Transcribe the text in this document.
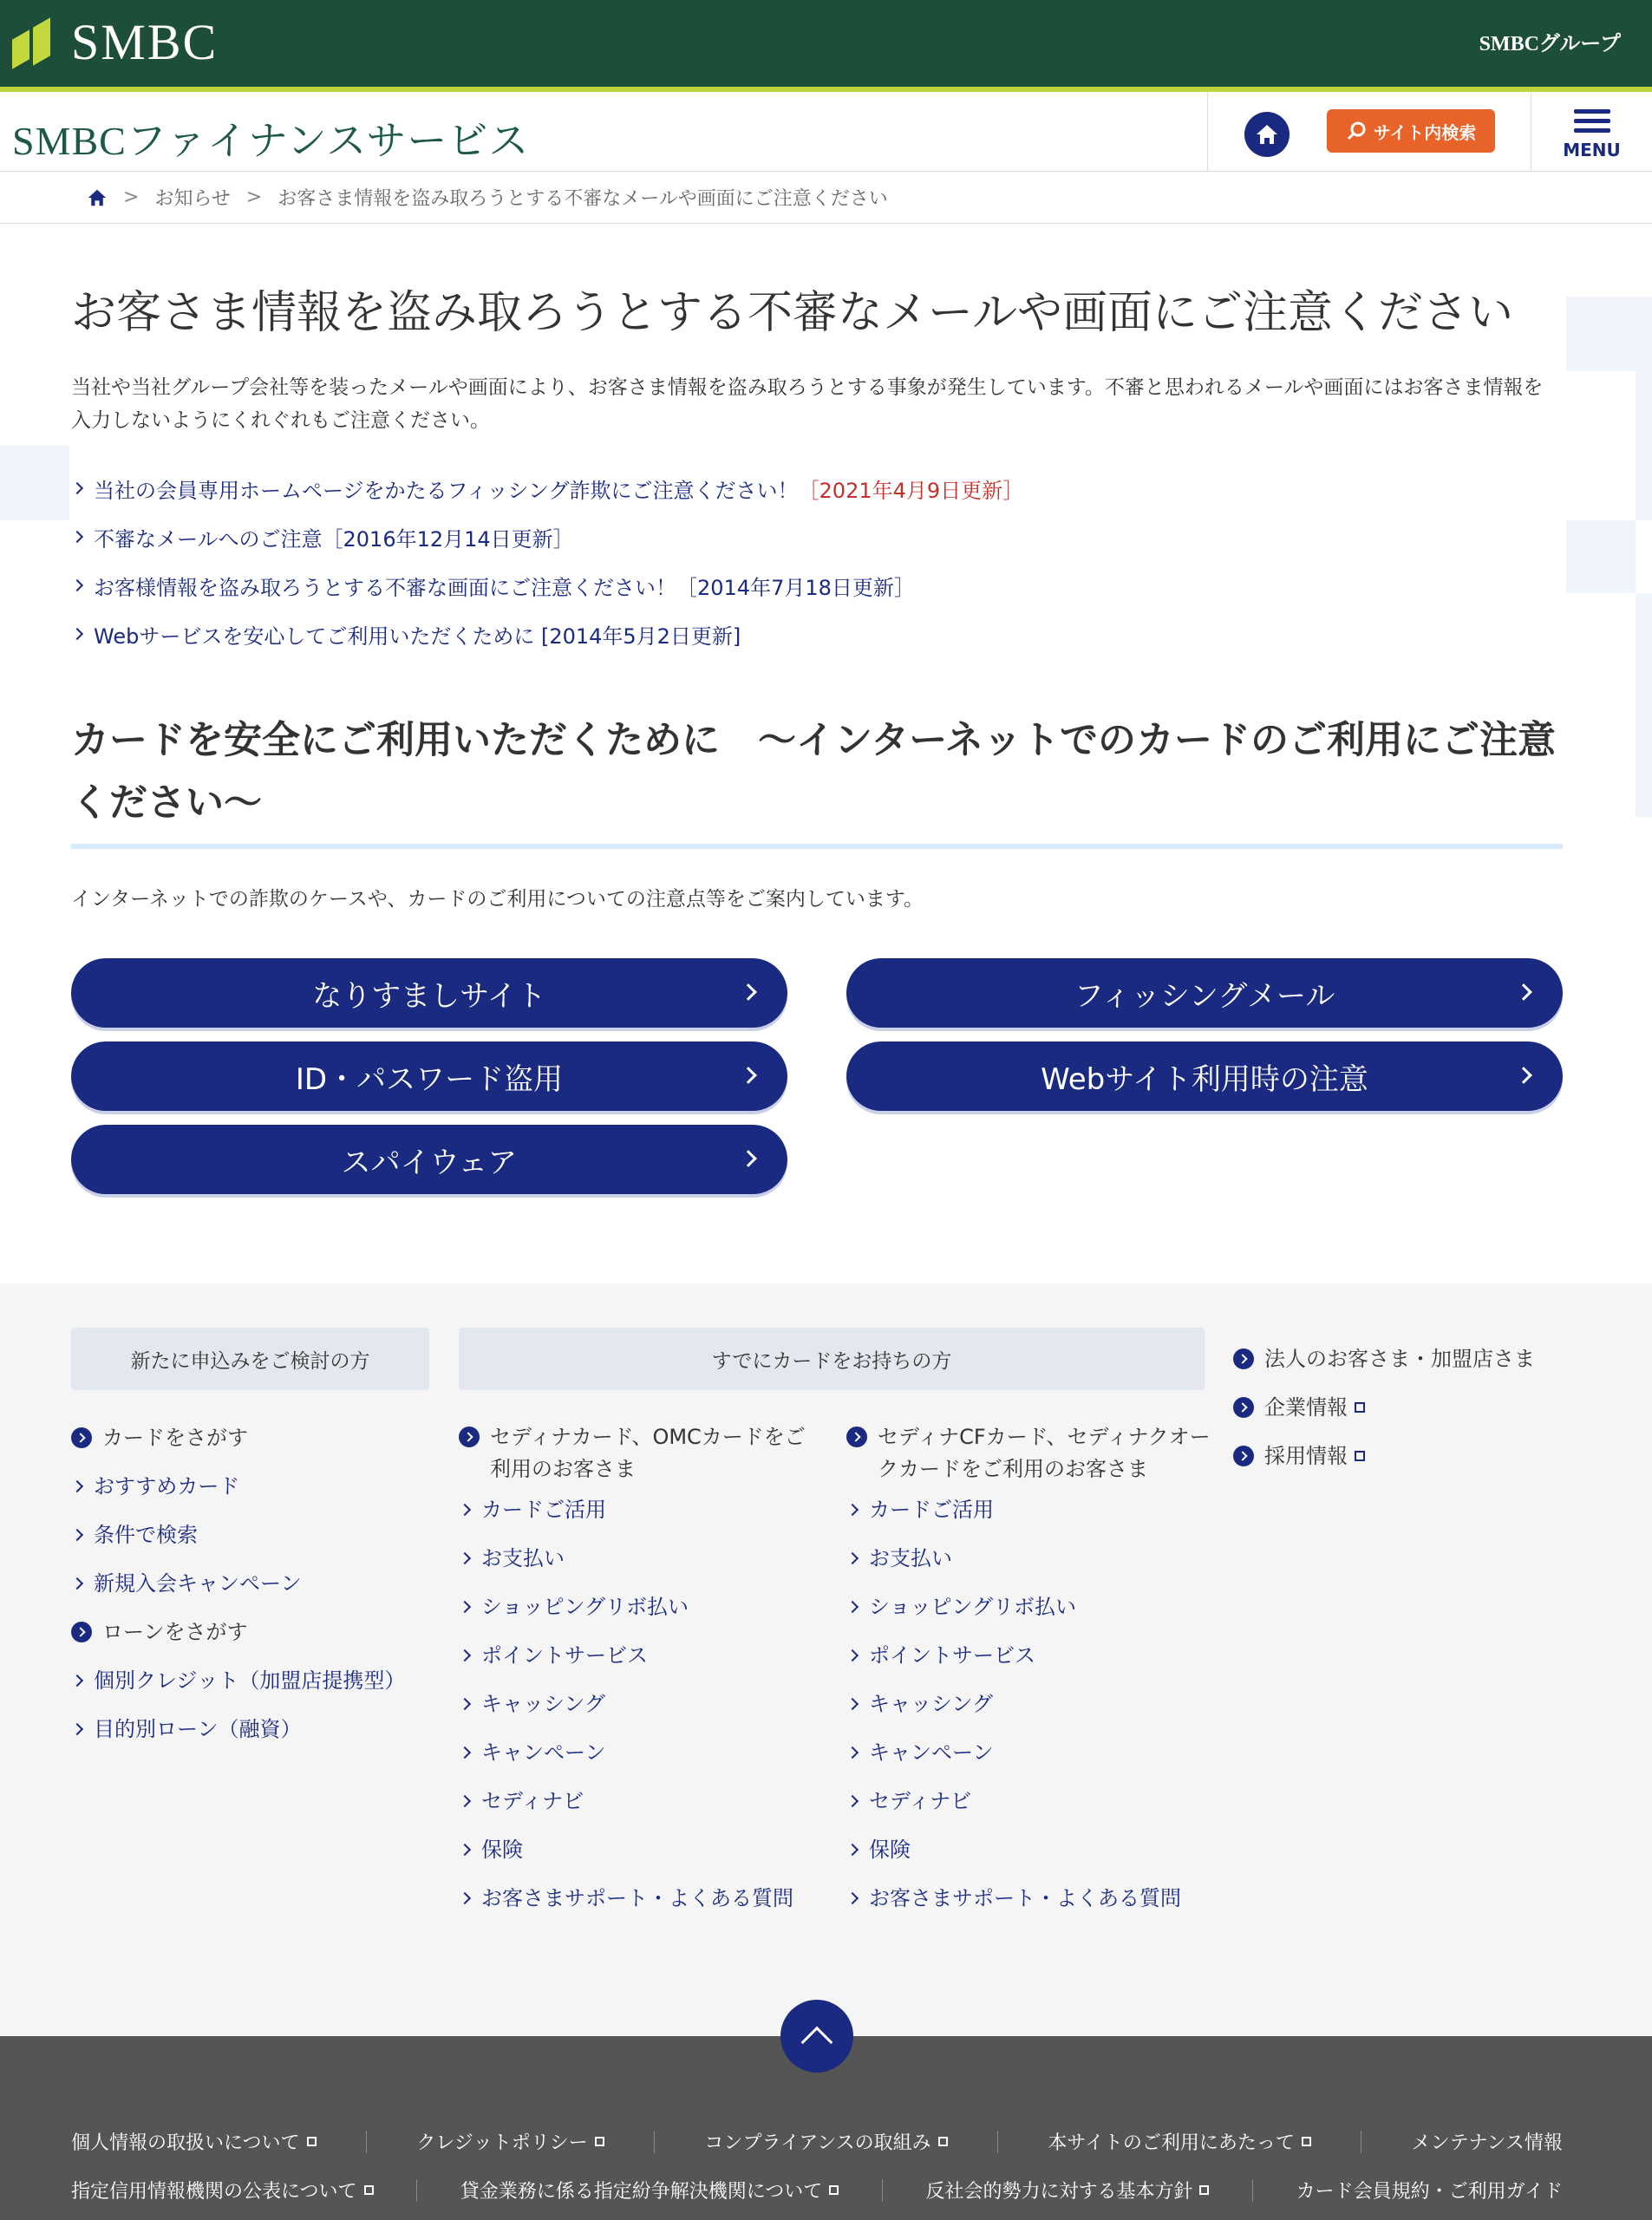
SMBC	SMBCグループ
SMBCファイナンスサービス	サイト内検索
MENU
> お知らせ > お客さま情報を盗み取ろうとする不審なメールや画面にご注意ください
お客さま情報を盗み取ろうとする不審なメールや画面にご注意ください

当社や当社グループ会社等を装ったメールや画面により、お客さま情報を盗み取ろうとする事象が発生しています。不審と思われるメールや画面にはお客さま情報を入力しないようにくれぐれもご注意ください。

当社の会員専用ホームページをかたるフィッシング詐欺にご注意ください！ ［2021年4月9日更新］
不審なメールへのご注意［2016年12月14日更新］
お客様情報を盗み取ろうとする不審な画面にご注意ください！［2014年7月18日更新］
Webサービスを安心してご利用いただくために [2014年5月2日更新]
カードを安全にご利用いただくために　～インターネットでのカードのご利用にご注意ください～

インターネットでの詐欺のケースや、カードのご利用についての注意点等をご案内しています。

なりすましサイト	フィッシングメール
ID・パスワード盗用	Webサイト利用時の注意
スパイウェア
新たに申込みをご検討の方	すでにカードをお持ちの方
カードをさがす
おすすめカード
条件で検索
新規入会キャンペーン
ローンをさがす
個別クレジット（加盟店提携型）
目的別ローン（融資）
セディナカード、OMCカードをご利用のお客さま
カードご活用
お支払い
ショッピングリボ払い
ポイントサービス
キャッシング
キャンペーン
セディナビ
保険
お客さまサポート・よくある質問
セディナCFカード、セディナクオークカードをご利用のお客さま
カードご活用
お支払い
ショッピングリボ払い
ポイントサービス
キャッシング
キャンペーン
セディナビ
保険
お客さまサポート・よくある質問
法人のお客さま・加盟店さま
企業情報
採用情報
個人情報の取扱いについて	クレジットポリシー	コンプライアンスの取組み	本サイトのご利用にあたって	メンテナンス情報
指定信用情報機関の公表について	貸金業務に係る指定紛争解決機関について	反社会的勢力に対する基本方針	カード会員規約・ご利用ガイド
